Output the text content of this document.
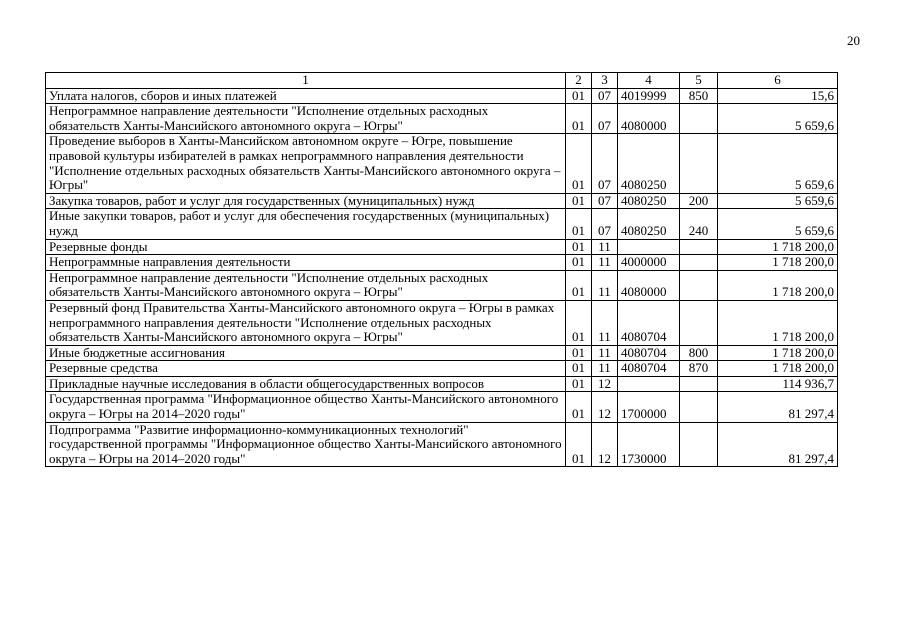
20
1	2	3	4	5	6
Уплата налогов, сборов и иных платежей	01	07	4019999	850	15,6
Непрограммное направление деятельности "Исполнение отдельных расходных обязательств Ханты-Мансийского автономного округа – Югры"	01	07	4080000		5 659,6
Проведение выборов в Ханты-Мансийском автономном округе – Югре, повышение правовой культуры избирателей в рамках непрограммного направления деятельности "Исполнение отдельных расходных обязательств Ханты-Мансийского автономного округа – Югры"	01	07	4080250		5 659,6
Закупка товаров, работ и услуг для государственных (муниципальных) нужд	01	07	4080250	200	5 659,6
Иные закупки товаров, работ и услуг для обеспечения государственных (муниципальных) нужд	01	07	4080250	240	5 659,6
Резервные фонды	01	11			1 718 200,0
Непрограммные направления деятельности	01	11	4000000		1 718 200,0
Непрограммное направление деятельности "Исполнение отдельных расходных обязательств Ханты-Мансийского автономного округа – Югры"	01	11	4080000		1 718 200,0
Резервный фонд Правительства Ханты-Мансийского автономного округа – Югры в рамках непрограммного направления деятельности "Исполнение отдельных расходных обязательств Ханты-Мансийского автономного округа – Югры"	01	11	4080704		1 718 200,0
Иные бюджетные ассигнования	01	11	4080704	800	1 718 200,0
Резервные средства	01	11	4080704	870	1 718 200,0
Прикладные научные исследования в области общегосударственных вопросов	01	12			114 936,7
Государственная программа "Информационное общество Ханты-Мансийского автономного округа – Югры на 2014–2020 годы"	01	12	1700000		81 297,4
Подпрограмма "Развитие информационно-коммуникационных технологий" государственной программы "Информационное общество Ханты-Мансийского автономного округа – Югры на 2014–2020 годы"	01	12	1730000		81 297,4
